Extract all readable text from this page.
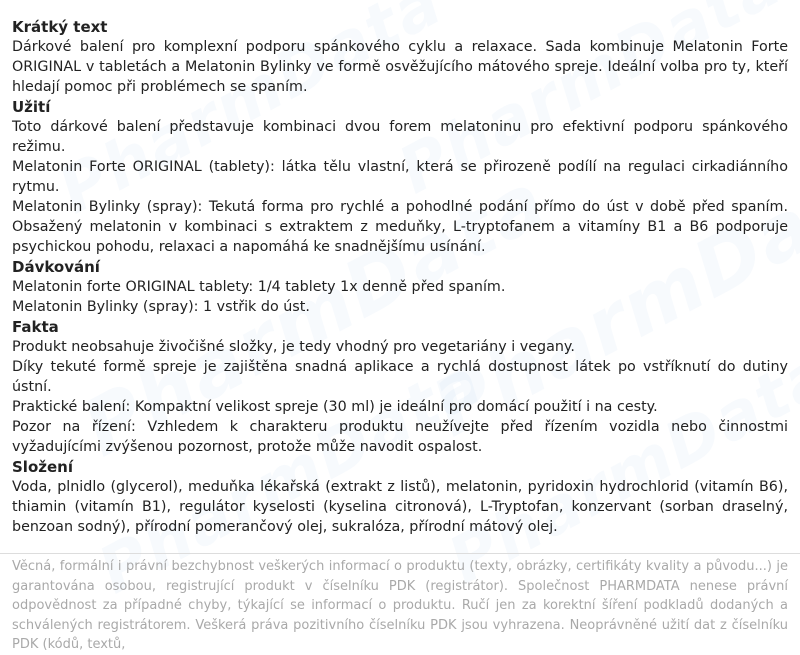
Krátký text

Dárkové balení pro komplexní podporu spánkového cyklu a relaxace. Sada kombinuje Melatonin Forte ORIGINAL v tabletách a Melatonin Bylinky ve formě osvěžujícího mátového spreje. Ideální volba pro ty, kteří hledají pomoc při problémech se spaním.

Užití

Toto dárkové balení představuje kombinaci dvou forem melatoninu pro efektivní podporu spánkového režimu.

Melatonin Forte ORIGINAL (tablety): látka tělu vlastní, která se přirozeně podílí na regulaci cirkadiánního rytmu.

Melatonin Bylinky (spray): Tekutá forma pro rychlé a pohodlné podání přímo do úst v době před spaním. Obsažený melatonin v kombinaci s extraktem z meduňky, L-tryptofanem a vitamíny B1 a B6 podporuje psychickou pohodu, relaxaci a napomáhá ke snadnějšímu usínání.

Dávkování

Melatonin forte ORIGINAL tablety: 1/4 tablety 1x denně před spaním.

Melatonin Bylinky (spray): 1 vstřik do úst.

Fakta

Produkt neobsahuje živočišné složky, je tedy vhodný pro vegetariány i vegany.

Díky tekuté formě spreje je zajištěna snadná aplikace a rychlá dostupnost látek po vstříknutí do dutiny ústní.

Praktické balení: Kompaktní velikost spreje (30 ml) je ideální pro domácí použití i na cesty.

Pozor na řízení: Vzhledem k charakteru produktu neužívejte před řízením vozidla nebo činnostmi vyžadujícími zvýšenou pozornost, protože může navodit ospalost.

Složení

Voda, plnidlo (glycerol), meduňka lékařská (extrakt z listů), melatonin, pyridoxin hydrochlorid (vitamín B6), thiamin (vitamín B1), regulátor kyselosti (kyselina citronová), L-Tryptofan, konzervant (sorban draselný, benzoan sodný), přírodní pomerančový olej, sukralóza, přírodní mátový olej.

Věcná, formální i právní bezchybnost veškerých informací o produktu (texty, obrázky, certifikáty kvality a původu...) je garantována osobou, registrující produkt v číselníku PDK (registrátor). Společnost PHARMDATA nenese právní odpovědnost za případné chyby, týkající se informací o produktu. Ručí jen za korektní šíření podkladů dodaných a schválených registrátorem. Veškerá práva pozitivního číselníku PDK jsou vyhrazena. Neoprávněné užití dat z číselníku PDK (kódů, textů,
